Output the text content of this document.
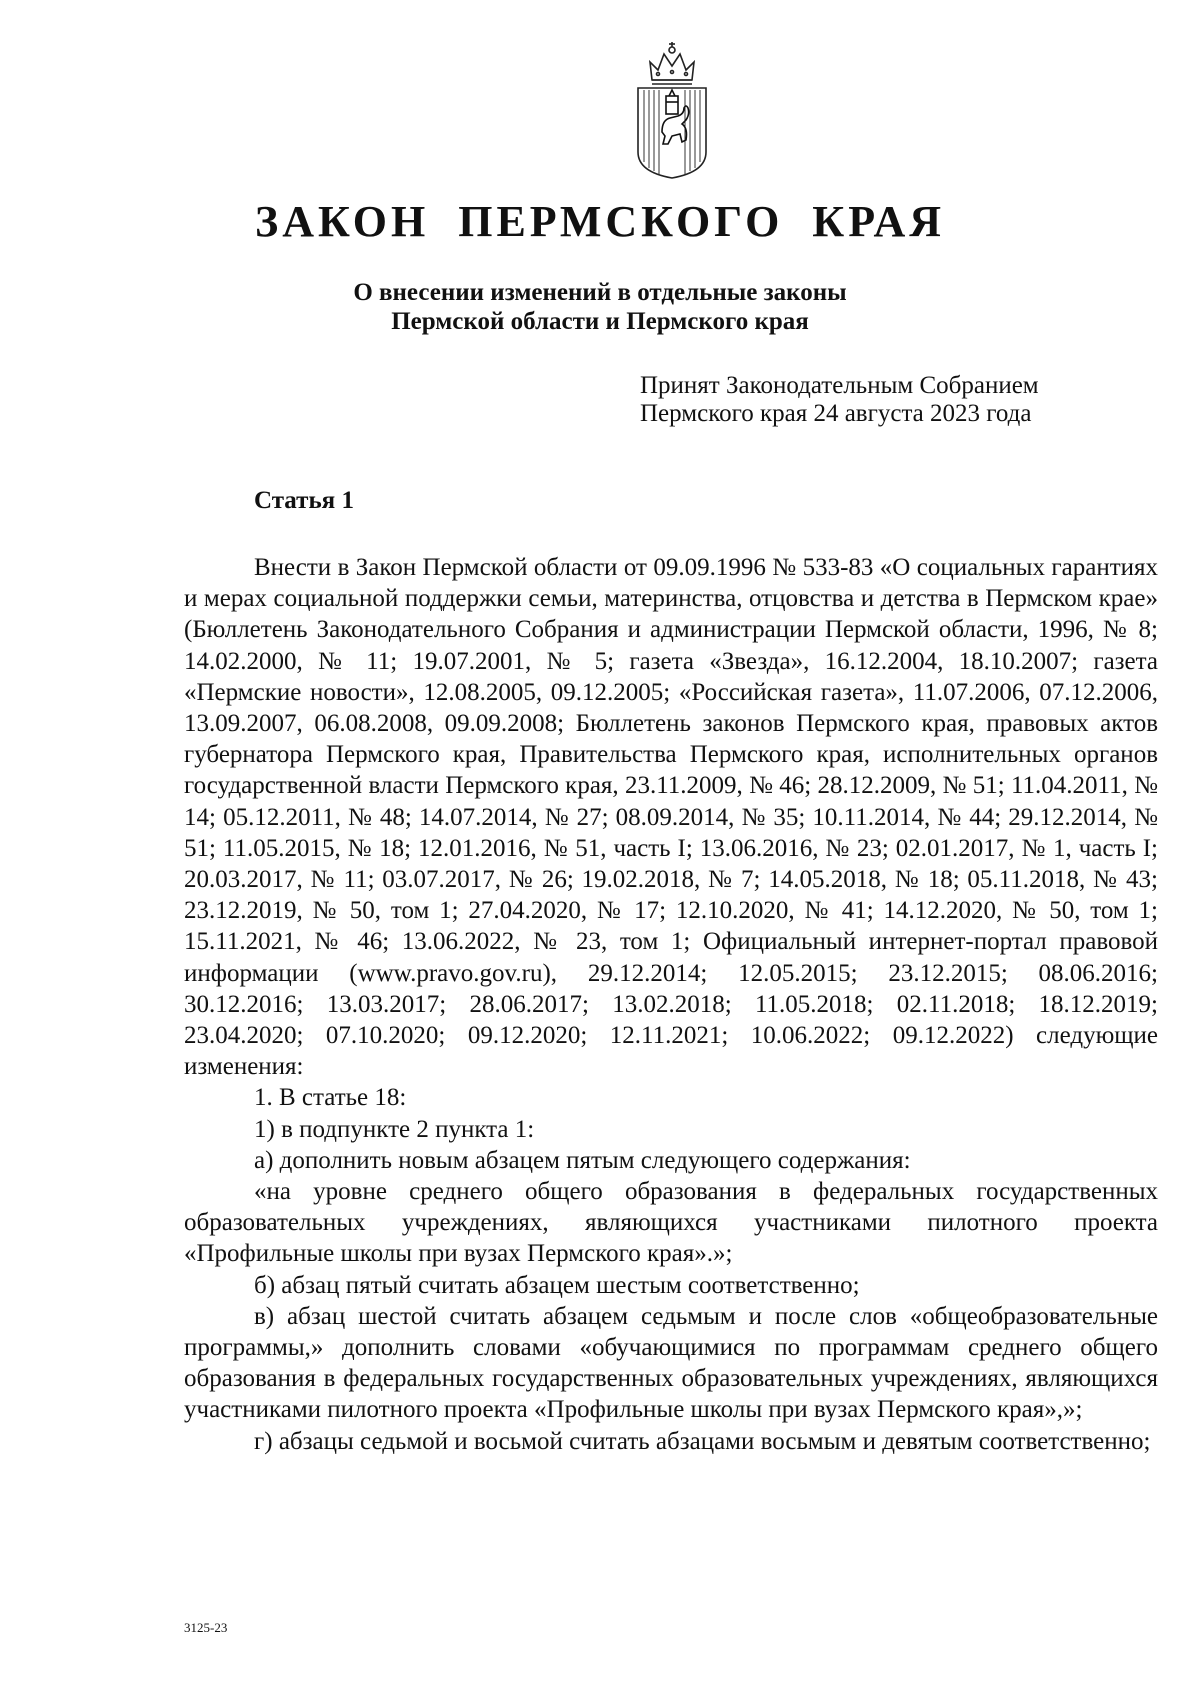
ЗАКОН ПЕРМСКОГО КРАЯ
О внесении изменений в отдельные законы
Пермской области и Пермского края
Принят Законодательным Собранием
Пермского края 24 августа 2023 года
Статья 1

Внести в Закон Пермской области от 09.09.1996 № 533-83 «О социальных гарантиях и мерах социальной поддержки семьи, материнства, отцовства и детства в Пермском крае» (Бюллетень Законодательного Собрания и администрации Пермской области, 1996, № 8; 14.02.2000, № 11; 19.07.2001, № 5; газета «Звезда», 16.12.2004, 18.10.2007; газета «Пермские новости», 12.08.2005, 09.12.2005; «Российская газета», 11.07.2006, 07.12.2006, 13.09.2007, 06.08.2008, 09.09.2008; Бюллетень законов Пермского края, правовых актов губернатора Пермского края, Правительства Пермского края, исполнительных органов государственной власти Пермского края, 23.11.2009, № 46; 28.12.2009, № 51; 11.04.2011, № 14; 05.12.2011, № 48; 14.07.2014, № 27; 08.09.2014, № 35; 10.11.2014, № 44; 29.12.2014, № 51; 11.05.2015, № 18; 12.01.2016, № 51, часть I; 13.06.2016, № 23; 02.01.2017, № 1, часть I; 20.03.2017, № 11; 03.07.2017, № 26; 19.02.2018, № 7; 14.05.2018, № 18; 05.11.2018, № 43; 23.12.2019, № 50, том 1; 27.04.2020, № 17; 12.10.2020, № 41; 14.12.2020, № 50, том 1; 15.11.2021, № 46; 13.06.2022, № 23, том 1; Официальный интернет-портал правовой информации (www.pravo.gov.ru), 29.12.2014; 12.05.2015; 23.12.2015; 08.06.2016; 30.12.2016; 13.03.2017; 28.06.2017; 13.02.2018; 11.05.2018; 02.11.2018; 18.12.2019; 23.04.2020; 07.10.2020; 09.12.2020; 12.11.2021; 10.06.2022; 09.12.2022) следующие изменения:

1. В статье 18:

1) в подпункте 2 пункта 1:

а) дополнить новым абзацем пятым следующего содержания:

«на уровне среднего общего образования в федеральных государственных образовательных учреждениях, являющихся участниками пилотного проекта «Профильные школы при вузах Пермского края».»;

б) абзац пятый считать абзацем шестым соответственно;

в) абзац шестой считать абзацем седьмым и после слов «общеобразовательные программы,» дополнить словами «обучающимися по программам среднего общего образования в федеральных государственных образовательных учреждениях, являющихся участниками пилотного проекта «Профильные школы при вузах Пермского края»,»;

г) абзацы седьмой и восьмой считать абзацами восьмым и девятым соответственно;

3125-23
